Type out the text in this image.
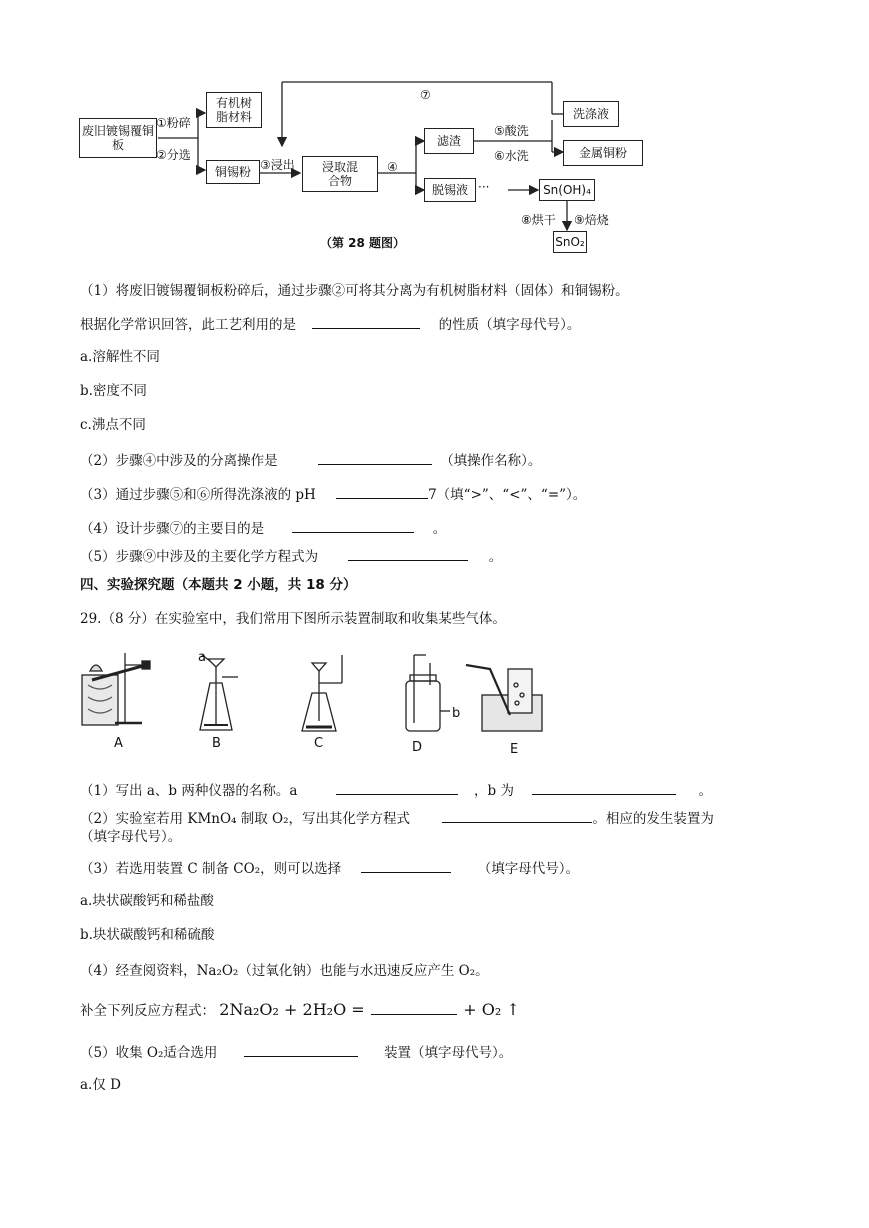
废旧镀锡覆铜板
有机树脂材料
铜锡粉	浸取混合物
滤渣
洗涤液
金属铜粉
脱锡液	Sn(OH)₄
SnO₂
①粉碎
②分选
③浸出	④
⑤酸洗
⑥水洗
⑦
⑧烘干 ⑨焙烧
···
（第 28 题图）
（1）将废旧镀锡覆铜板粉碎后，通过步骤②可将其分离为有机树脂材料（固体）和铜锡粉。
根据化学常识回答，此工艺利用的是	的性质（填字母代号）。
a.溶解性不同
b.密度不同
c.沸点不同
（2）步骤④中涉及的分离操作是	（填操作名称）。
（3）通过步骤⑤和⑥所得洗涤液的 pH	7（填“>”、“<”、“=”）。
（4）设计步骤⑦的主要目的是	。
（5）步骤⑨中涉及的主要化学方程式为	。
四、实验探究题（本题共 2 小题，共 18 分）
29.（8 分）在实验室中，我们常用下图所示装置制取和收集某些气体。
a
b
A	B	C	D	E
（1）写出 a、b 两种仪器的名称。a	，b 为	。
（2）实验室若用 KMnO₄ 制取 O₂，写出其化学方程式	。相应的发生装置为
（填字母代号）。
（3）若选用装置 C 制备 CO₂，则可以选择	（填字母代号）。
a.块状碳酸钙和稀盐酸
b.块状碳酸钙和稀硫酸
（4）经查阅资料，Na₂O₂（过氧化钠）也能与水迅速反应产生 O₂。
补全下列反应方程式： 2Na₂O₂ + 2H₂O =	+ O₂ ↑
（5）收集 O₂适合选用	装置（填字母代号）。
a.仅 D
